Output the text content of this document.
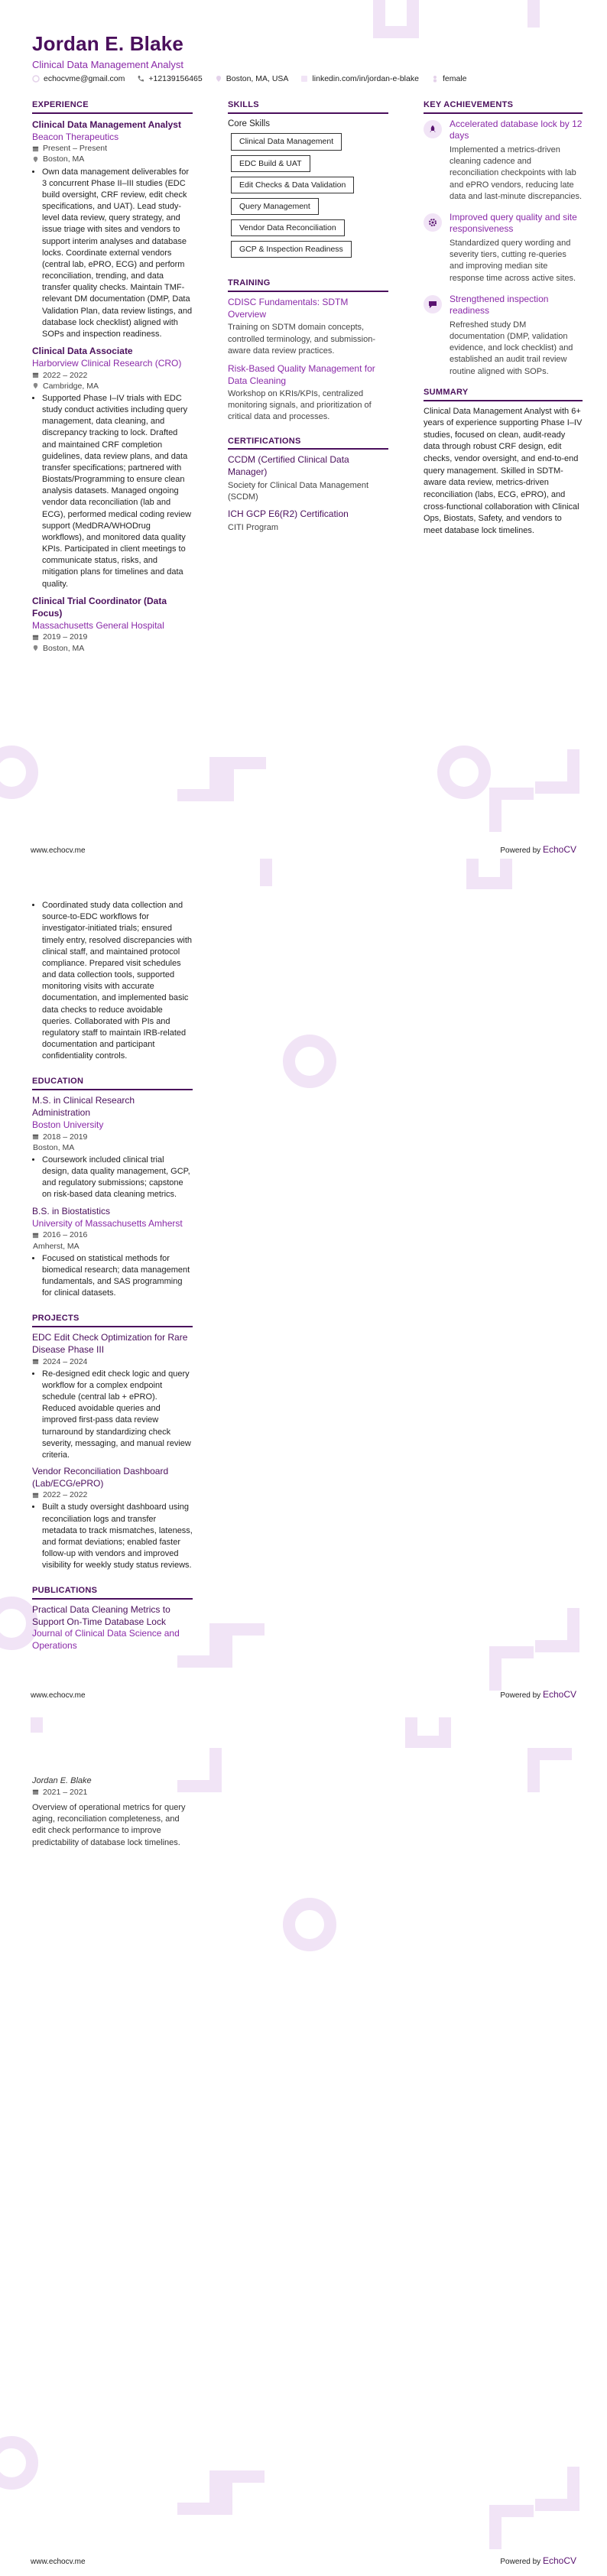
Jordan E. Blake
Clinical Data Management Analyst
echocvme@gmail.com	+12139156465	Boston, MA, USA	linkedin.com/in/jordan-e-blake	female
EXPERIENCE
Clinical Data Management Analyst
Beacon Therapeutics
Present – Present
Boston, MA
• Own data management deliverables for 3 concurrent Phase II–III studies (EDC build oversight, CRF review, edit check specifications, and UAT). Lead study-level data review, query strategy, and issue triage with sites and vendors to support interim analyses and database locks. Coordinate external vendors (central lab, ePRO, ECG) and perform reconciliation, trending, and data transfer quality checks. Maintain TMF-relevant DM documentation (DMP, Data Validation Plan, data review listings, and database lock checklist) aligned with SOPs and inspection readiness.
Clinical Data Associate
Harborview Clinical Research (CRO)
2022 – 2022
Cambridge, MA
• Supported Phase I–IV trials with EDC study conduct activities including query management, data cleaning, and discrepancy tracking to lock. Drafted and maintained CRF completion guidelines, data review plans, and data transfer specifications; partnered with Biostats/Programming to ensure clean analysis datasets. Managed ongoing vendor data reconciliation (lab and ECG), performed medical coding review support (MedDRA/WHODrug workflows), and monitored data quality KPIs. Participated in client meetings to communicate status, risks, and mitigation plans for timelines and data quality.
Clinical Trial Coordinator (Data Focus)
Massachusetts General Hospital
2019 – 2019
Boston, MA
SKILLS
Core Skills
Clinical Data Management
EDC Build & UAT
Edit Checks & Data Validation
Query Management
Vendor Data Reconciliation
GCP & Inspection Readiness
TRAINING
CDISC Fundamentals: SDTM Overview
Training on SDTM domain concepts, controlled terminology, and submission-aware data review practices.
Risk-Based Quality Management for Data Cleaning
Workshop on KRIs/KPIs, centralized monitoring signals, and prioritization of critical data and processes.
CERTIFICATIONS
CCDM (Certified Clinical Data Manager)
Society for Clinical Data Management (SCDM)
ICH GCP E6(R2) Certification
CITI Program
KEY ACHIEVEMENTS
Accelerated database lock by 12 days
Implemented a metrics-driven cleaning cadence and reconciliation checkpoints with lab and ePRO vendors, reducing late data and last-minute discrepancies.
Improved query quality and site responsiveness
Standardized query wording and severity tiers, cutting re-queries and improving median site response time across active sites.
Strengthened inspection readiness
Refreshed study DM documentation (DMP, validation evidence, and lock checklist) and established an audit trail review routine aligned with SOPs.
SUMMARY
Clinical Data Management Analyst with 6+ years of experience supporting Phase I–IV studies, focused on clean, audit-ready data through robust CRF design, edit checks, vendor oversight, and end-to-end query management. Skilled in SDTM-aware data review, metrics-driven reconciliation (labs, ECG, ePRO), and cross-functional collaboration with Clinical Ops, Biostats, Safety, and vendors to meet database lock timelines.
www.echocv.me	Powered by EchoCV
• Coordinated study data collection and source-to-EDC workflows for investigator-initiated trials; ensured timely entry, resolved discrepancies with clinical staff, and maintained protocol compliance. Prepared visit schedules and data collection tools, supported monitoring visits with accurate documentation, and implemented basic data checks to reduce avoidable queries. Collaborated with PIs and regulatory staff to maintain IRB-related documentation and participant confidentiality controls.
EDUCATION
M.S. in Clinical Research Administration
Boston University
2018 – 2019
Boston, MA
• Coursework included clinical trial design, data quality management, GCP, and regulatory submissions; capstone on risk-based data cleaning metrics.
B.S. in Biostatistics
University of Massachusetts Amherst
2016 – 2016
Amherst, MA
• Focused on statistical methods for biomedical research; data management fundamentals, and SAS programming for clinical datasets.
PROJECTS
EDC Edit Check Optimization for Rare Disease Phase III
2024 – 2024
• Re-designed edit check logic and query workflow for a complex endpoint schedule (central lab + ePRO). Reduced avoidable queries and improved first-pass data review turnaround by standardizing check severity, messaging, and manual review criteria.
Vendor Reconciliation Dashboard (Lab/ECG/ePRO)
2022 – 2022
• Built a study oversight dashboard using reconciliation logs and transfer metadata to track mismatches, lateness, and format deviations; enabled faster follow-up with vendors and improved visibility for weekly study status reviews.
PUBLICATIONS
Practical Data Cleaning Metrics to Support On-Time Database Lock
Journal of Clinical Data Science and Operations
www.echocv.me	Powered by EchoCV
Jordan E. Blake
2021 – 2021
Overview of operational metrics for query aging, reconciliation completeness, and edit check performance to improve predictability of database lock timelines.
www.echocv.me	Powered by EchoCV
